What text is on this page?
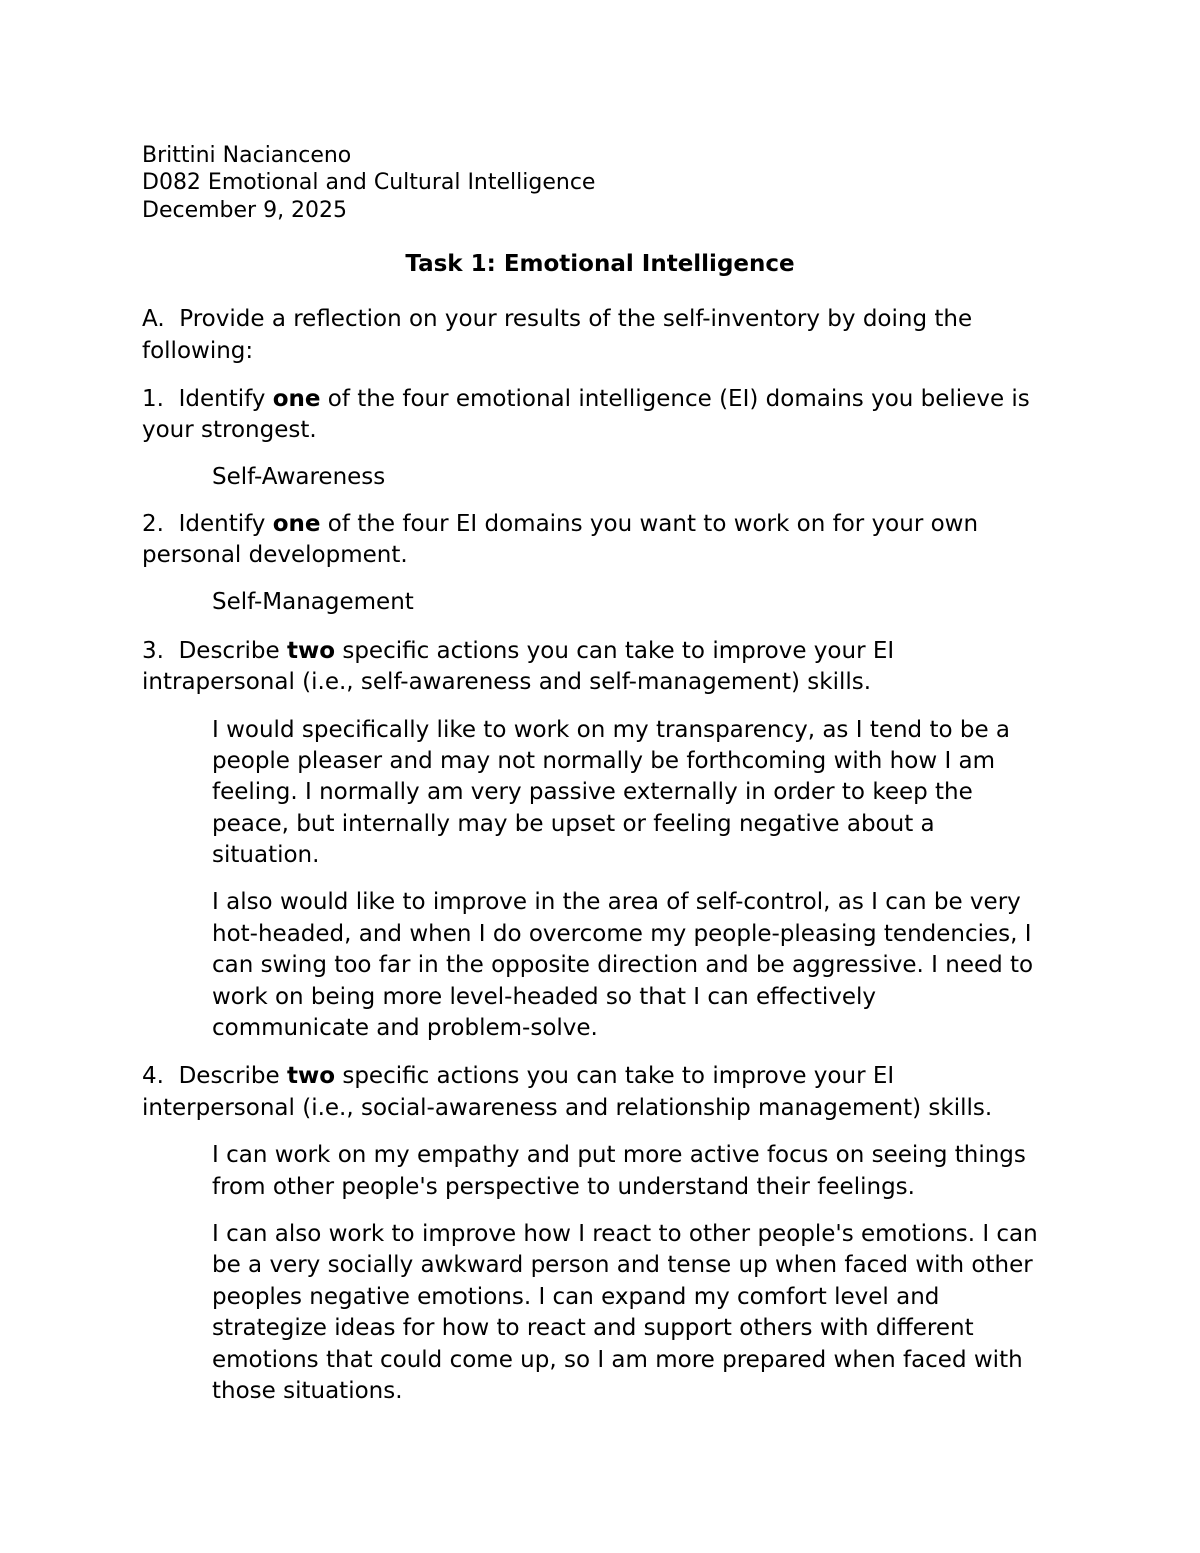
Brittini Nacianceno

D082 Emotional and Cultural Intelligence

December 9, 2025

Task 1: Emotional Intelligence

A. Provide a reflection on your results of the self-inventory by doing the

following:

1. Identify one of the four emotional intelligence (EI) domains you believe is

your strongest.

Self-Awareness

2. Identify one of the four EI domains you want to work on for your own

personal development.

Self-Management

3. Describe two specific actions you can take to improve your EI

intrapersonal (i.e., self-awareness and self-management) skills.

I would specifically like to work on my transparency, as I tend to be a

people pleaser and may not normally be forthcoming with how I am

feeling. I normally am very passive externally in order to keep the

peace, but internally may be upset or feeling negative about a

situation.

I also would like to improve in the area of self-control, as I can be very

hot-headed, and when I do overcome my people-pleasing tendencies, I

can swing too far in the opposite direction and be aggressive. I need to

work on being more level-headed so that I can effectively

communicate and problem-solve.

4. Describe two specific actions you can take to improve your EI

interpersonal (i.e., social-awareness and relationship management) skills.

I can work on my empathy and put more active focus on seeing things

from other people's perspective to understand their feelings.

I can also work to improve how I react to other people's emotions. I can

be a very socially awkward person and tense up when faced with other

peoples negative emotions. I can expand my comfort level and

strategize ideas for how to react and support others with different

emotions that could come up, so I am more prepared when faced with

those situations.
